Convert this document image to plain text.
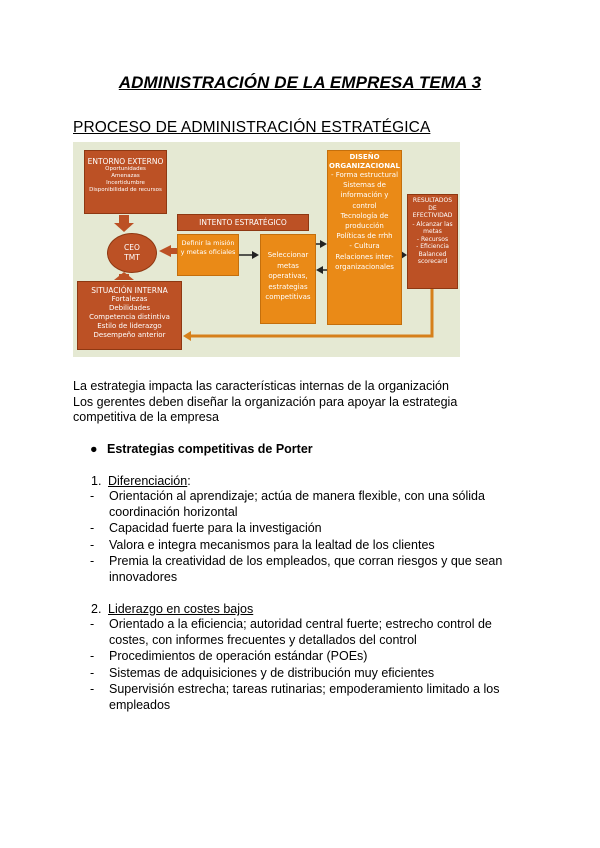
ADMINISTRACIÓN DE LA EMPRESA TEMA 3
PROCESO DE ADMINISTRACIÓN ESTRATÉGICA
ENTORNO EXTERNO
Oportunidades
Amenazas
Incertidumbre
Disponibilidad de recursos
CEO
TMT
SITUACIÓN INTERNA
Fortalezas
Debilidades
Competencia distintiva
Estilo de liderazgo
Desempeño anterior
INTENTO ESTRATÉGICO
Definir la misión y metas oficiales	Seleccionar metas operativas, estrategias competitivas
DISEÑO ORGANIZACIONAL
- Forma estructural
Sistemas de información y control
Tecnología de producción
Políticas de rrhh
- Cultura
Relaciones inter-organizacionales
RESULTADOS DE EFECTIVIDAD
- Alcanzar las metas
- Recursos
- Eficiencia
Balanced scorecard
La estrategia impacta las características internas de la organización
Los gerentes deben diseñar la organización para apoyar la estrategia competitiva de la empresa
● Estrategias competitivas de Porter
1. Diferenciación:
- Orientación al aprendizaje; actúa de manera flexible, con una sólida coordinación horizontal
- Capacidad fuerte para la investigación
- Valora e integra mecanismos para la lealtad de los clientes
- Premia la creatividad de los empleados, que corran riesgos y que sean innovadores
2. Liderazgo en costes bajos
- Orientado a la eficiencia; autoridad central fuerte; estrecho control de costes, con informes frecuentes y detallados del control
- Procedimientos de operación estándar (POEs)
- Sistemas de adquisiciones y de distribución muy eficientes
- Supervisión estrecha; tareas rutinarias; empoderamiento limitado a los empleados
